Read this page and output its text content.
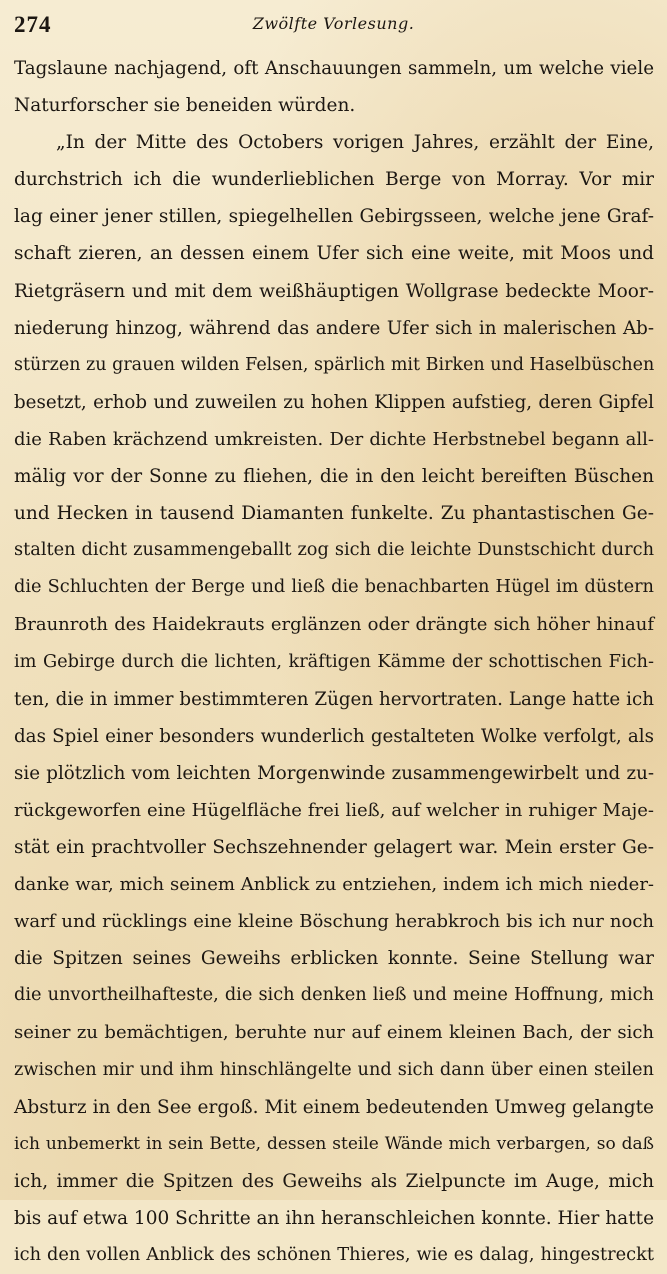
274	Zwölfte Vorlesung.
Tagslaune nachjagend, oft Anschauungen sammeln, um welche viele
Naturforscher sie beneiden würden.
„In der Mitte des Octobers vorigen Jahres, erzählt der Eine,
durchstrich ich die wunderlieblichen Berge von Morray. Vor mir
lag einer jener stillen, spiegelhellen Gebirgsseen, welche jene Graf-
schaft zieren, an dessen einem Ufer sich eine weite, mit Moos und
Rietgräsern und mit dem weißhäuptigen Wollgrase bedeckte Moor-
niederung hinzog, während das andere Ufer sich in malerischen Ab-
stürzen zu grauen wilden Felsen, spärlich mit Birken und Haselbüschen
besetzt, erhob und zuweilen zu hohen Klippen aufstieg, deren Gipfel
die Raben krächzend umkreisten. Der dichte Herbstnebel begann all-
mälig vor der Sonne zu fliehen, die in den leicht bereiften Büschen
und Hecken in tausend Diamanten funkelte. Zu phantastischen Ge-
stalten dicht zusammengeballt zog sich die leichte Dunstschicht durch
die Schluchten der Berge und ließ die benachbarten Hügel im düstern
Braunroth des Haidekrauts erglänzen oder drängte sich höher hinauf
im Gebirge durch die lichten, kräftigen Kämme der schottischen Fich-
ten, die in immer bestimmteren Zügen hervortraten. Lange hatte ich
das Spiel einer besonders wunderlich gestalteten Wolke verfolgt, als
sie plötzlich vom leichten Morgenwinde zusammengewirbelt und zu-
rückgeworfen eine Hügelfläche frei ließ, auf welcher in ruhiger Maje-
stät ein prachtvoller Sechszehnender gelagert war. Mein erster Ge-
danke war, mich seinem Anblick zu entziehen, indem ich mich nieder-
warf und rücklings eine kleine Böschung herabkroch bis ich nur noch
die Spitzen seines Geweihs erblicken konnte. Seine Stellung war
die unvortheilhafteste, die sich denken ließ und meine Hoffnung, mich
seiner zu bemächtigen, beruhte nur auf einem kleinen Bach, der sich
zwischen mir und ihm hinschlängelte und sich dann über einen steilen
Absturz in den See ergoß. Mit einem bedeutenden Umweg gelangte
ich unbemerkt in sein Bette, dessen steile Wände mich verbargen, so daß
ich, immer die Spitzen des Geweihs als Zielpuncte im Auge, mich
bis auf etwa 100 Schritte an ihn heranschleichen konnte. Hier hatte
ich den vollen Anblick des schönen Thieres, wie es dalag, hingestreckt
